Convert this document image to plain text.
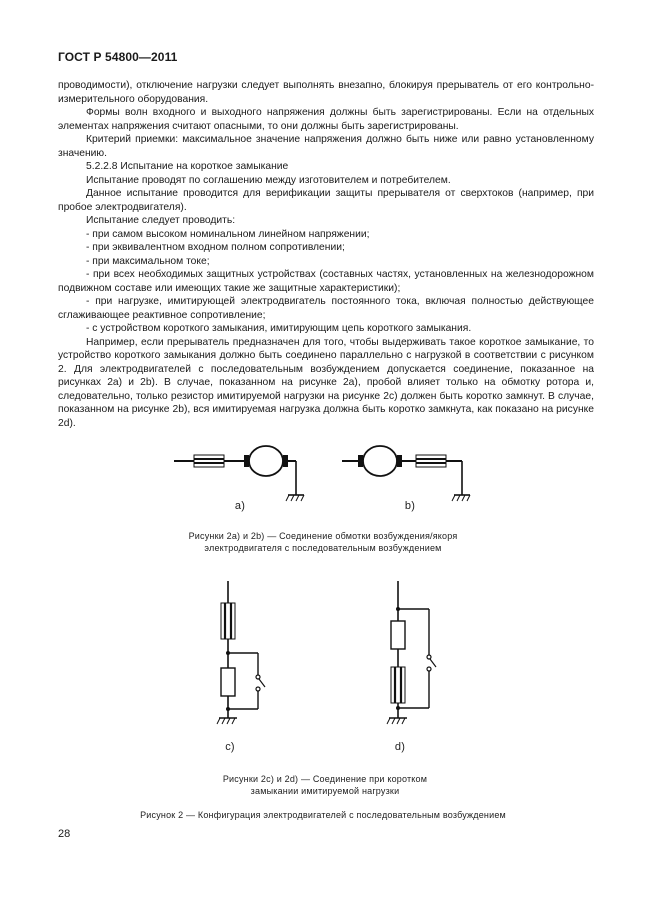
ГОСТ Р 54800—2011

проводимости), отключение нагрузки следует выполнять внезапно, блокируя прерыватель от его контрольно-измерительного оборудования.

Формы волн входного и выходного напряжения должны быть зарегистрированы. Если на отдельных элементах напряжения считают опасными, то они должны быть зарегистрированы.

Критерий приемки: максимальное значение напряжения должно быть ниже или равно установленному значению.

5.2.2.8 Испытание на короткое замыкание

Испытание проводят по соглашению между изготовителем и потребителем.

Данное испытание проводится для верификации защиты прерывателя от сверхтоков (например, при пробое электродвигателя).

Испытание следует проводить:

- при самом высоком номинальном линейном напряжении;

- при эквивалентном входном полном сопротивлении;

- при максимальном токе;

- при всех необходимых защитных устройствах (составных частях, установленных на железнодорожном подвижном составе или имеющих такие же защитные характеристики);

- при нагрузке, имитирующей электродвигатель постоянного тока, включая полностью действующее сглаживающее реактивное сопротивление;

- с устройством короткого замыкания, имитирующим цепь короткого замыкания.

Например, если прерыватель предназначен для того, чтобы выдерживать такое короткое замыкание, то устройство короткого замыкания должно быть соединено параллельно с нагрузкой в соответствии с рисунком 2. Для электродвигателей с последовательным возбуждением допускается соединение, показанное на рисунках 2а) и 2b). В случае, показанном на рисунке 2а), пробой влияет только на обмотку ротора и, следовательно, только резистор имитируемой нагрузки на рисунке 2с) должен быть коротко замкнут. В случае, показанном на рисунке 2b), вся имитируемая нагрузка должна быть коротко замкнута, как показано на рисунке 2d).

а)	b)
Рисунки 2а) и 2b) — Соединение обмотки возбуждения/якоря
электродвигателя с последовательным возбуждением
с)	d)
Рисунки 2с) и 2d) — Соединение при коротком
замыкании имитируемой нагрузки
Рисунок 2 — Конфигурация электродвигателей с последовательным возбуждением
28
